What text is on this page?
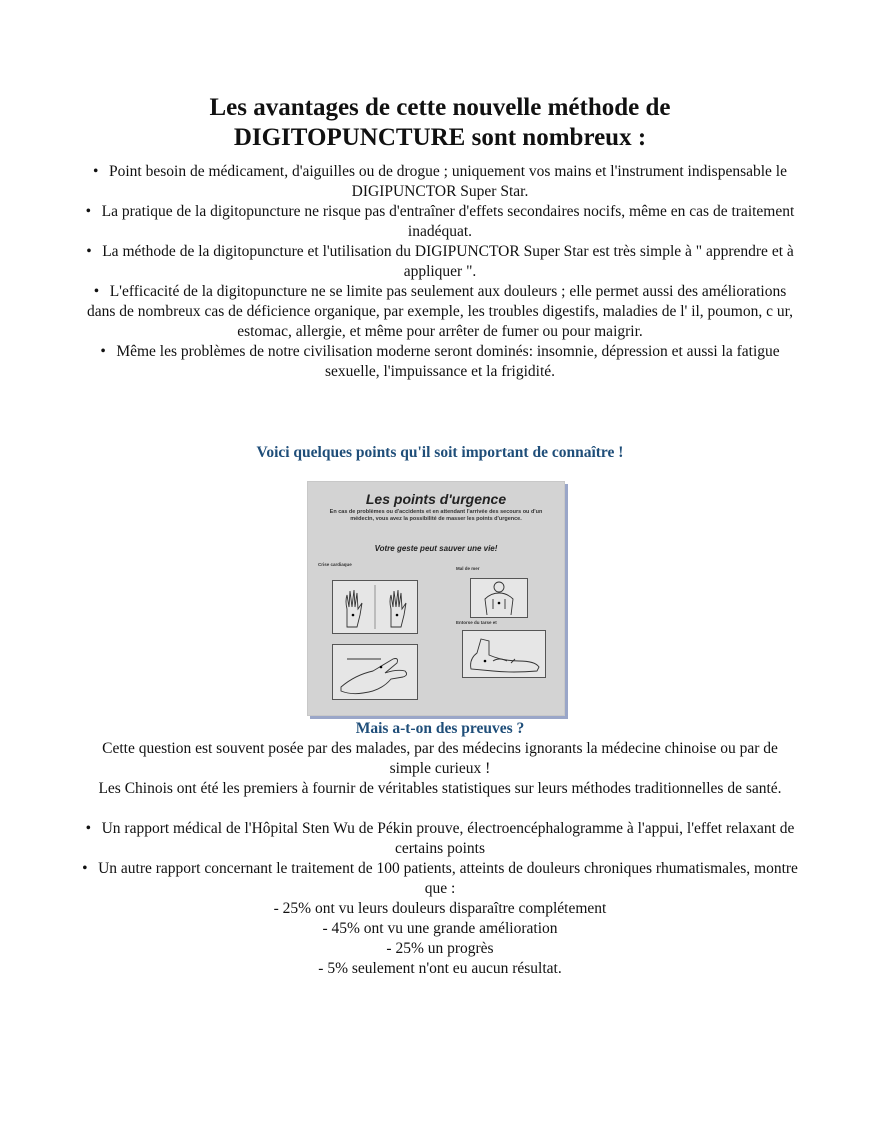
Les avantages de cette nouvelle méthode de
DIGITOPUNCTURE sont nombreux :
• Point besoin de médicament, d'aiguilles ou de drogue ; uniquement vos mains et l'instrument indispensable le DIGIPUNCTOR Super Star.
• La pratique de la digitopuncture ne risque pas d'entraîner d'effets secondaires nocifs, même en cas de traitement inadéquat.
• La méthode de la digitopuncture et l'utilisation du DIGIPUNCTOR Super Star est très simple à " apprendre et à appliquer ".
• L'efficacité de la digitopuncture ne se limite pas seulement aux douleurs ; elle permet aussi des améliorations dans de nombreux cas de déficience organique, par exemple, les troubles digestifs, maladies de l' il, poumon, c ur, estomac, allergie, et même pour arrêter de fumer ou pour maigrir.
• Même les problèmes de notre civilisation moderne seront dominés: insomnie, dépression et aussi la fatigue sexuelle, l'impuissance et la frigidité.
Voici quelques points qu'il soit important de connaître !
Les points d'urgence
En cas de problèmes ou d'accidents et en attendant l'arrivée des secours ou d'un médecin, vous avez la possibilité de masser les points d'urgence.
Votre geste peut sauver une vie!
Crise cardiaque
Mal de mer
Entorse du tarse et
Mais a-t-on des preuves ?

Cette question est souvent posée par des malades, par des médecins ignorants la médecine chinoise ou par de simple curieux !

Les Chinois ont été les premiers à fournir de véritables statistiques sur leurs méthodes traditionnelles de santé.

• Un rapport médical de l'Hôpital Sten Wu de Pékin prouve, électroencéphalogramme à l'appui, l'effet relaxant de certains points
• Un autre rapport concernant le traitement de 100 patients, atteints de douleurs chroniques rhumatismales, montre que :
- 25% ont vu leurs douleurs disparaître complétement
- 45% ont vu une grande amélioration
- 25% un progrès
- 5% seulement n'ont eu aucun résultat.
